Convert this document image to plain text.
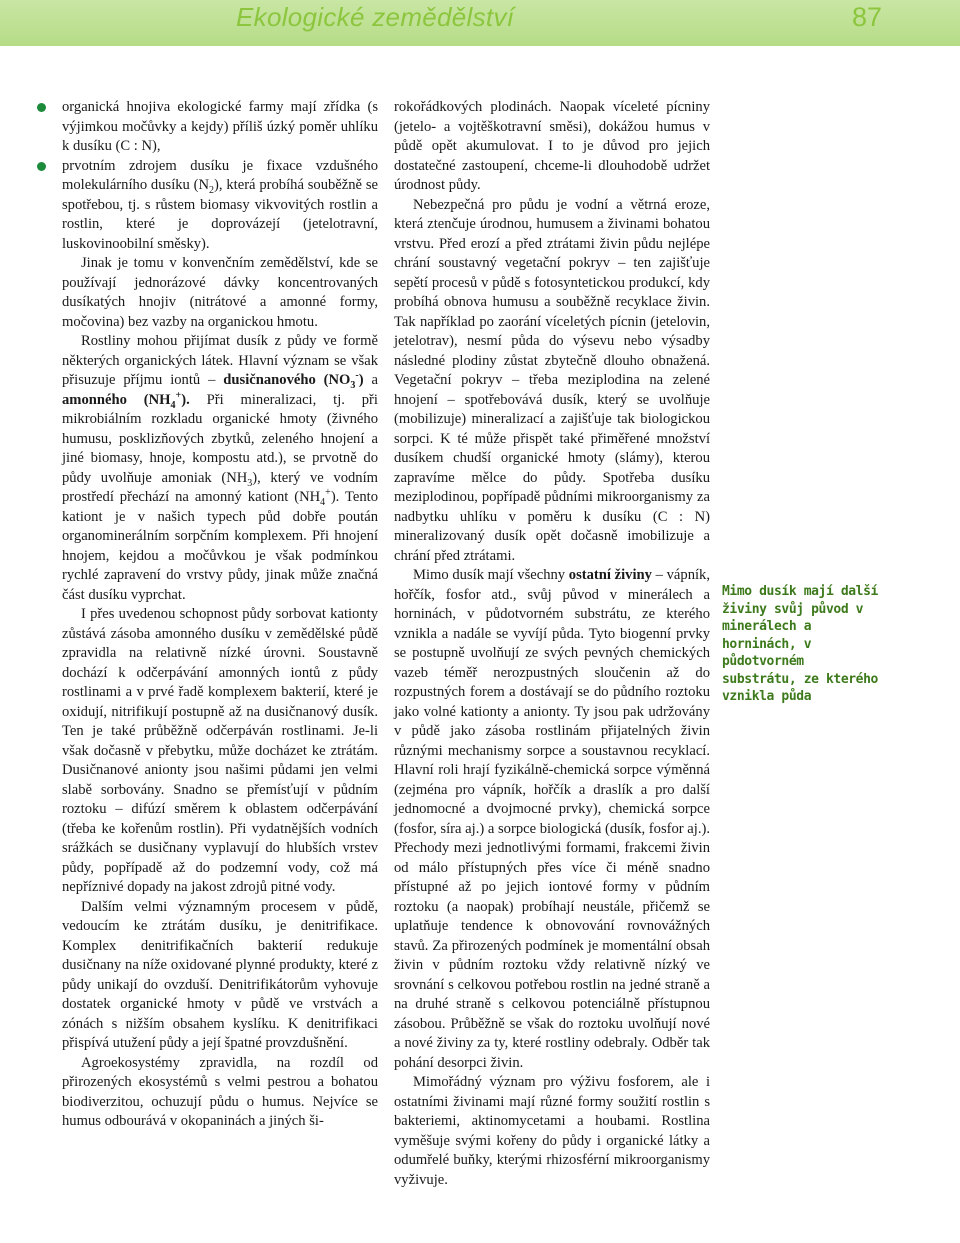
Ekologické zemědělství	87
organická hnojiva ekologické farmy mají zřídka (s výjimkou močůvky a kejdy) příliš úzký poměr uhlíku k dusíku (C : N),
prvotním zdrojem dusíku je fixace vzdušného molekulárního dusíku $(N_2)$, která probíhá souběžně se spotřebou, tj. s růstem biomasy vikvovitých rostlin a rostlin, které je doprovázejí (jetelotravní, luskovinoobilní směsky).

Jinak je tomu v konvenčním zemědělství, kde se používají jednorázové dávky koncentrovaných dusíkatých hnojiv (nitrátové a amonné formy, močovina) bez vazby na organickou hmotu.

Rostliny mohou přijímat dusík z půdy ve formě některých organických látek. Hlavní význam se však přisuzuje příjmu iontů – dusičnanového $(NO_3^-)$ a amonného $(NH_4^+)$. Při mineralizaci, tj. při mikrobiálním rozkladu organické hmoty (živného humusu, posklizňových zbytků, zeleného hnojení a jiné biomasy, hnoje, kompostu atd.), se prvotně do půdy uvolňuje amoniak $(NH_3)$, který ve vodním prostředí přechází na amonný kationt $(NH_4^+)$. Tento kationt je v našich typech půd dobře poután organominerálním sorpčním komplexem. Při hnojení hnojem, kejdou a močůvkou je však podmínkou rychlé zapravení do vrstvy půdy, jinak může značná část dusíku vyprchat.

I přes uvedenou schopnost půdy sorbovat kationty zůstává zásoba amonného dusíku v zemědělské půdě zpravidla na relativně nízké úrovni. Soustavně dochází k odčerpávání amonných iontů z půdy rostlinami a v prvé řadě komplexem bakterií, které je oxidují, nitrifikují postupně až na dusičnanový dusík. Ten je také průběžně odčerpáván rostlinami. Je-li však dočasně v přebytku, může docházet ke ztrátám. Dusičnanové anionty jsou našimi půdami jen velmi slabě sorbovány. Snadno se přemísťují v půdním roztoku – difúzí směrem k oblastem odčerpávání (třeba ke kořenům rostlin). Při vydatnějších vodních srážkách se dusičnany vyplavují do hlubších vrstev půdy, popřípadě až do podzemní vody, což má nepříznivé dopady na jakost zdrojů pitné vody.

Dalším velmi významným procesem v půdě, vedoucím ke ztrátám dusíku, je denitrifikace. Komplex denitrifikačních bakterií redukuje dusičnany na níže oxidované plynné produkty, které z půdy unikají do ovzduší. Denitrifikátorům vyhovuje dostatek organické hmoty v půdě ve vrstvách a zónách s nižším obsahem kyslíku. K denitrifikaci přispívá utužení půdy a její špatné provzdušnění.

Agroekosystémy zpravidla, na rozdíl od přirozených ekosystémů s velmi pestrou a bohatou biodiverzitou, ochuzují půdu o humus. Nejvíce se humus odbourává v okopaninách a jiných ši-

rokořádkových plodinách. Naopak víceleté pícniny (jetelo- a vojtěškotravní směsi), dokážou humus v půdě opět akumulovat. I to je důvod pro jejich dostatečné zastoupení, chceme-li dlouhodobě udržet úrodnost půdy.

Nebezpečná pro půdu je vodní a větrná eroze, která ztenčuje úrodnou, humusem a živinami bohatou vrstvu. Před erozí a před ztrátami živin půdu nejlépe chrání soustavný vegetační pokryv – ten zajišťuje sepětí procesů v půdě s fotosyntetickou produkcí, kdy probíhá obnova humusu a souběžně recyklace živin. Tak například po zaorání víceletých pícnin (jetelovin, jetelotrav), nesmí půda do výsevu nebo výsadby následné plodiny zůstat zbytečně dlouho obnažená. Vegetační pokryv – třeba meziplodina na zelené hnojení – spotřebovává dusík, který se uvolňuje (mobilizuje) mineralizací a zajišťuje tak biologickou sorpci. K té může přispět také přiměřené množství dusíkem chudší organické hmoty (slámy), kterou zapravíme mělce do půdy. Spotřeba dusíku meziplodinou, popřípadě půdními mikroorganismy za nadbytku uhlíku v poměru k dusíku (C : N) mineralizovaný dusík opět dočasně imobilizuje a chrání před ztrátami.

Mimo dusík mají všechny ostatní živiny – vápník, hořčík, fosfor atd., svůj původ v minerálech a horninách, v půdotvorném substrátu, ze kterého vznikla a nadále se vyvíjí půda. Tyto biogenní prvky se postupně uvolňují ze svých pevných chemických vazeb téměř nerozpustných sloučenin až do rozpustných forem a dostávají se do půdního roztoku jako volné kationty a anionty. Ty jsou pak udržovány v půdě jako zásoba rostlinám přijatelných živin různými mechanismy sorpce a soustavnou recyklací. Hlavní roli hrají fyzikálně-chemická sorpce výměnná (zejména pro vápník, hořčík a draslík a pro další jednomocné a dvojmocné prvky), chemická sorpce (fosfor, síra aj.) a sorpce biologická (dusík, fosfor aj.). Přechody mezi jednotlivými formami, frakcemi živin od málo přístupných přes více či méně snadno přístupné až po jejich iontové formy v půdním roztoku (a naopak) probíhají neustále, přičemž se uplatňuje tendence k obnovování rovnovážných stavů. Za přirozených podmínek je momentální obsah živin v půdním roztoku vždy relativně nízký ve srovnání s celkovou potřebou rostlin na jedné straně a na druhé straně s celkovou potenciálně přístupnou zásobou. Průběžně se však do roztoku uvolňují nové a nové živiny za ty, které rostliny odebraly. Odběr tak pohání desorpci živin.

Mimořádný význam pro výživu fosforem, ale i ostatními živinami mají různé formy soužití rostlin s bakteriemi, aktinomycetami a houbami. Rostlina vyměšuje svými kořeny do půdy i organické látky a odumřelé buňky, kterými rhizosférní mikroorganismy vyživuje.

Mimo dusík mají další živiny svůj původ v minerálech a horninách, v půdotvorném substrátu, ze kterého vznikla půda
